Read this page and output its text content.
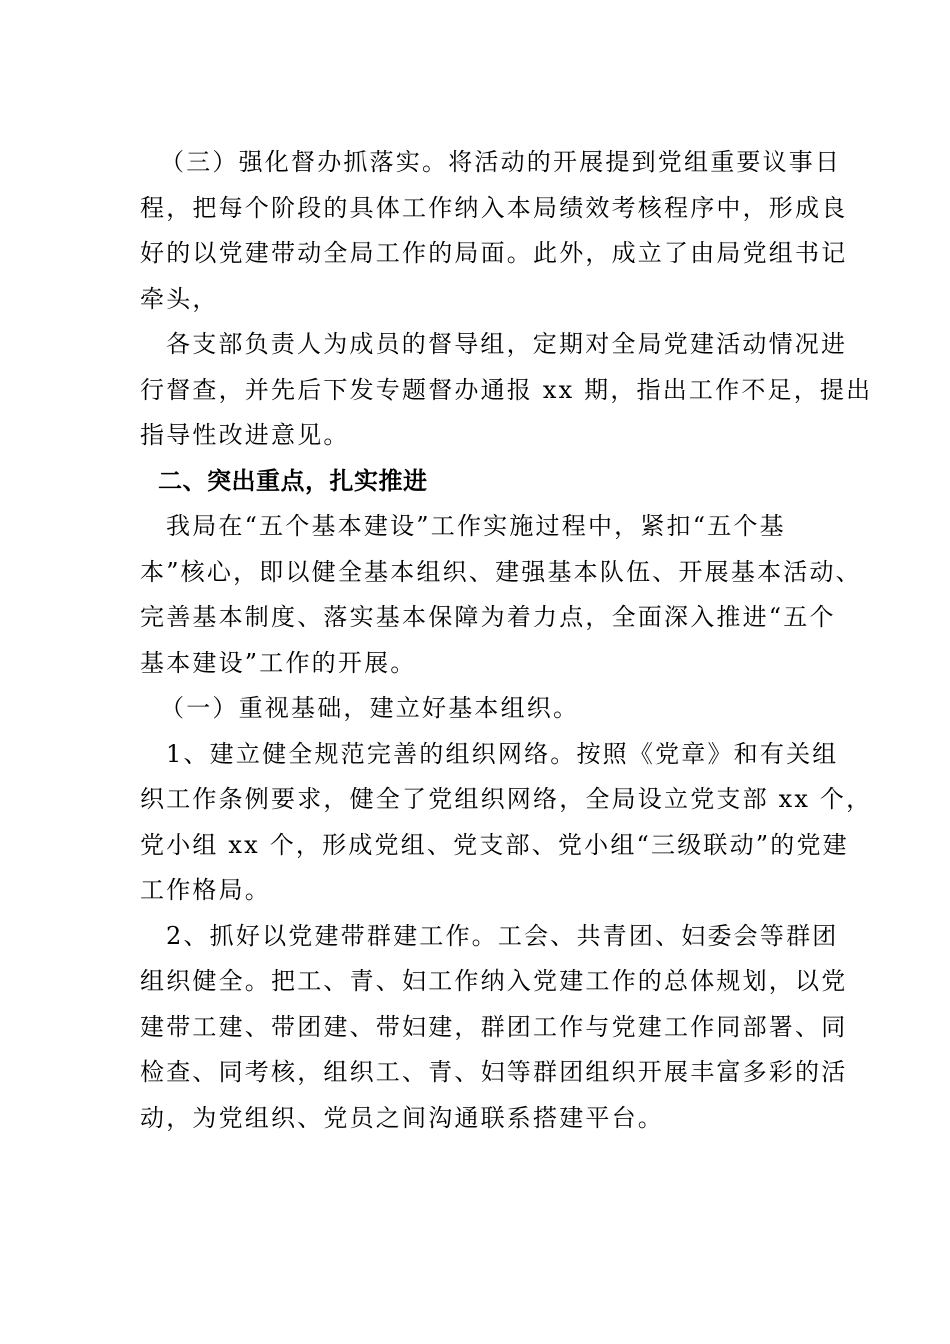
（三）强化督办抓落实。将活动的开展提到党组重要议事日
程，把每个阶段的具体工作纳入本局绩效考核程序中，形成良
好的以党建带动全局工作的局面。此外，成立了由局党组书记
牵头，
各支部负责人为成员的督导组，定期对全局党建活动情况进
行督查，并先后下发专题督办通报 xx 期，指出工作不足，提出
指导性改进意见。
二、突出重点，扎实推进
我局在“五个基本建设”工作实施过程中，紧扣“五个基
本”核心，即以健全基本组织、建强基本队伍、开展基本活动、
完善基本制度、落实基本保障为着力点，全面深入推进“五个
基本建设”工作的开展。
（一）重视基础，建立好基本组织。
1、建立健全规范完善的组织网络。按照《党章》和有关组
织工作条例要求，健全了党组织网络，全局设立党支部 xx 个，
党小组 xx 个，形成党组、党支部、党小组“三级联动”的党建
工作格局。
2、抓好以党建带群建工作。工会、共青团、妇委会等群团
组织健全。把工、青、妇工作纳入党建工作的总体规划，以党
建带工建、带团建、带妇建，群团工作与党建工作同部署、同
检查、同考核，组织工、青、妇等群团组织开展丰富多彩的活
动，为党组织、党员之间沟通联系搭建平台。
